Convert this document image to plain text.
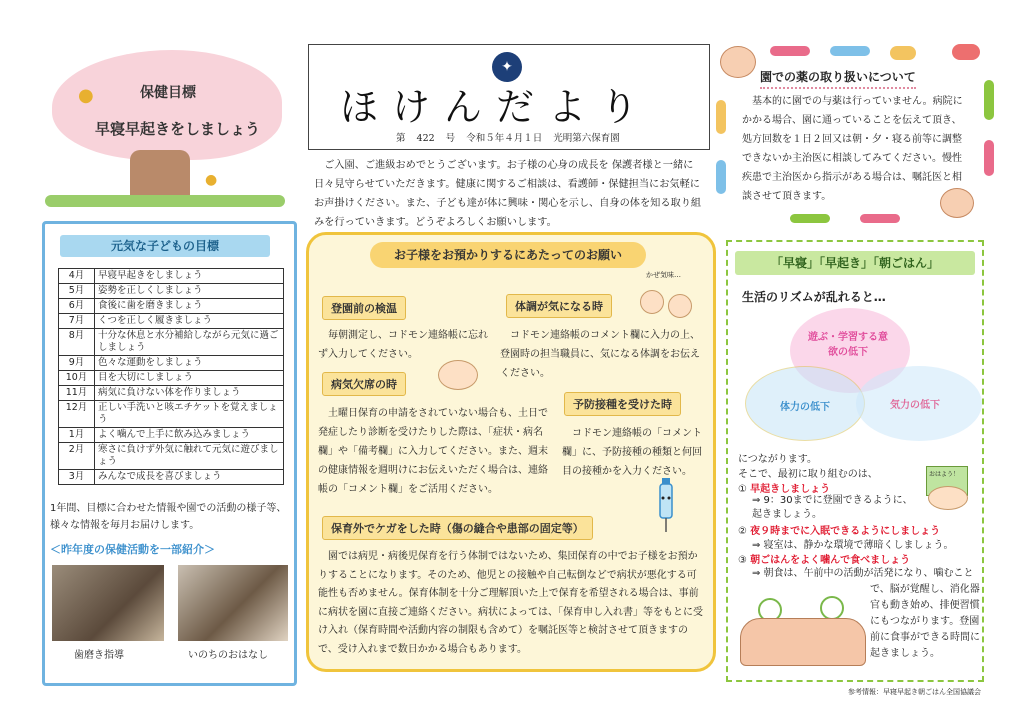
●
●
保健目標
早寝早起きをしましょう
元気な子どもの目標
4月	早寝早起きをしましょう
5月	姿勢を正しくしましょう
6月	食後に歯を磨きましょう
7月	くつを正しく履きましょう
8月	十分な休息と水分補給しながら元気に過ごしましょう
9月	色々な運動をしましょう
10月	目を大切にしましょう
11月	病気に負けない体を作りましょう
12月	正しい手洗いと咳エチケットを覚えましょう
1月	よく噛んで上手に飲み込みましょう
2月	寒さに負けず外気に触れて元気に遊びましょう
3月	みんなで成長を喜びましょう
1年間、目標に合わせた情報や園での活動の様子等、様々な情報を毎月お届けします。
＜昨年度の保健活動を一部紹介＞
歯磨き指導	いのちのおはなし
✦
ほけんだより
第 422 号 令和５年４月１日 光明第六保育園
ご入園、ご進級おめでとうございます。お子様の心身の成長を 保護者様と一緒に日々見守らせていただきます。健康に関するご相談は、看護師・保健担当にお気軽にお声掛けください。また、子ども達が体に興味・関心を示し、自身の体を知る取り組みを行っていきます。どうぞよろしくお願いします。
お子様をお預かりするにあたってのお願い
登園前の検温
毎朝測定し、コドモン連絡帳に忘れず入力してください。
体調が気になる時
コドモン連絡帳のコメント欄に入力の上、登園時の担当職員に、気になる体調をお伝えください。
かぜ気味…
病気欠席の時
土曜日保育の申請をされていない場合も、土日で発症したり診断を受けたりした際は、「症状・病名欄」や「備考欄」に入力してください。また、週末の健康情報を週明けにお伝えいただく場合は、連絡帳の「コメント欄」をご活用ください。
予防接種を受けた時
コドモン連絡帳の「コメント欄」に、予防接種の種類と何回目の接種かを入力ください。
保育外でケガをした時（傷の縫合や患部の固定等）
園では病児・病後児保育を行う体制ではないため、集団保育の中でお子様をお預かりすることになります。そのため、他児との接触や自己転倒などで病状が悪化する可能性も否めません。保育体制を十分ご理解頂いた上で保育を希望される場合は、事前に病状を園に直接ご連絡ください。病状によっては、「保育申し入れ書」等をもとに受け入れ（保育時間や活動内容の制限も含めて）を嘱託医等と検討させて頂きますので、受け入れまで数日かかる場合もあります。
園での薬の取り扱いについて
基本的に園での与薬は行っていません。病院にかかる場合、園に通っていることを伝えて頂き、処方回数を１日２回又は朝・夕・寝る前等に調整できないか主治医に相談してみてください。慢性疾患で主治医から指示がある場合は、嘱託医と相談させて頂きます。
「早寝」「早起き」「朝ごはん」
生活のリズムが乱れると…
遊ぶ・学習する意欲の低下
体力の低下	気力の低下
につながります。
そこで、最初に取り組むのは、
① 早起きしましょう
⇒ 9：30までに登園できるように、起きましょう。
おはよう！
② 夜９時までに入眠できるようにしましょう
⇒ 寝室は、静かな環境で薄暗くしましょう。
③ 朝ごはんをよく噛んで食べましょう
⇒ 朝食は、午前中の活動が活発になり、噛むことで、脳が覚醒し、消化器官も動き始め、排便習慣にもつながります。登園前に食事ができる時間に起きましょう。
参考情報：早寝早起き朝ごはん全国協議会
